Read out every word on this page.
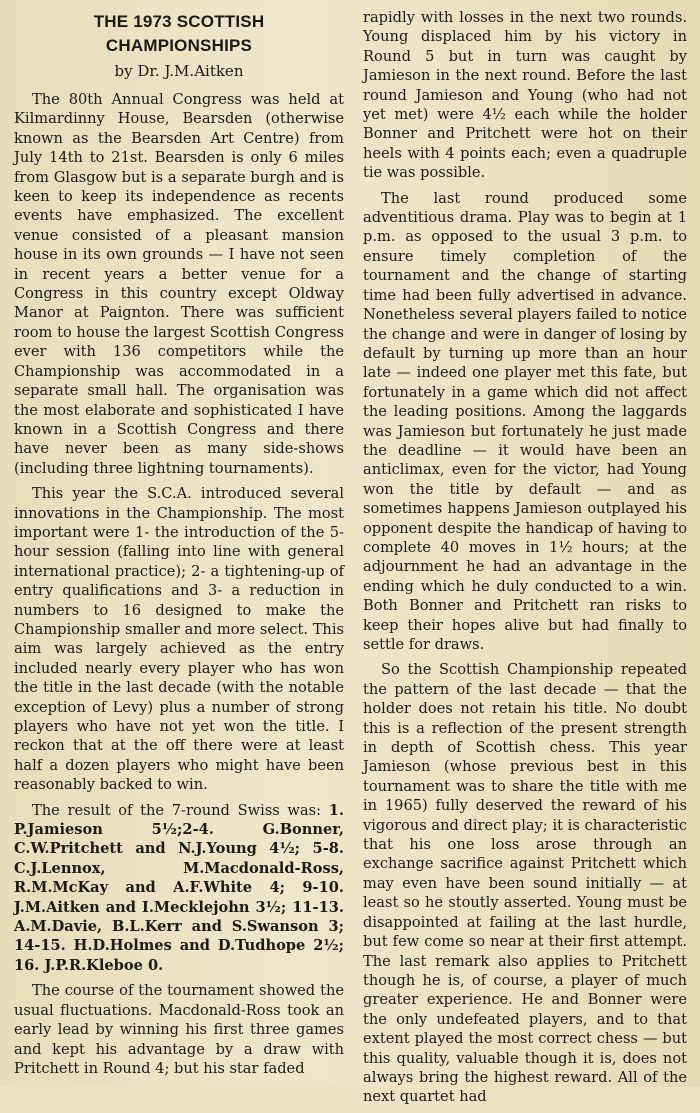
THE 1973 SCOTTISH
CHAMPIONSHIPS
by Dr. J.M.Aitken

The 80th Annual Congress was held at Kilmardinny House, Bearsden (otherwise known as the Bearsden Art Centre) from July 14th to 21st. Bearsden is only 6 miles from Glasgow but is a separate burgh and is keen to keep its independence as recents events have emphasized. The excellent venue consisted of a pleasant mansion house in its own grounds — I have not seen in recent years a better venue for a Congress in this country except Oldway Manor at Paignton. There was sufficient room to house the largest Scottish Congress ever with 136 competitors while the Championship was accommodated in a separate small hall. The organisation was the most elaborate and sophisticated I have known in a Scottish Congress and there have never been as many side-shows (including three lightning tournaments).

This year the S.C.A. introduced several innovations in the Championship. The most important were 1- the introduction of the 5-hour session (falling into line with general international practice); 2- a tightening-up of entry qualifications and 3- a reduction in numbers to 16 designed to make the Championship smaller and more select. This aim was largely achieved as the entry included nearly every player who has won the title in the last decade (with the notable exception of Levy) plus a number of strong players who have not yet won the title. I reckon that at the off there were at least half a dozen players who might have been reasonably backed to win.

The result of the 7-round Swiss was: 1. P.Jamieson 5½;2-4. G.Bonner, C.W.Pritchett and N.J.Young 4½; 5-8. C.J.Lennox, M.Macdonald-Ross, R.M.McKay and A.F.White 4; 9-10. J.M.Aitken and I.Mecklejohn 3½; 11-13. A.M.Davie, B.L.Kerr and S.Swanson 3; 14-15. H.D.Holmes and D.Tudhope 2½; 16. J.P.R.Kleboe 0.

The course of the tournament showed the usual fluctuations. Macdonald-Ross took an early lead by winning his first three games and kept his advantage by a draw with Pritchett in Round 4; but his star faded

rapidly with losses in the next two rounds. Young displaced him by his victory in Round 5 but in turn was caught by Jamieson in the next round. Before the last round Jamieson and Young (who had not yet met) were 4½ each while the holder Bonner and Pritchett were hot on their heels with 4 points each; even a quadruple tie was possible.

The last round produced some adventitious drama. Play was to begin at 1 p.m. as opposed to the usual 3 p.m. to ensure timely completion of the tournament and the change of starting time had been fully advertised in advance. Nonetheless several players failed to notice the change and were in danger of losing by default by turning up more than an hour late — indeed one player met this fate, but fortunately in a game which did not affect the leading positions. Among the laggards was Jamieson but fortunately he just made the deadline — it would have been an anticlimax, even for the victor, had Young won the title by default — and as sometimes happens Jamieson outplayed his opponent despite the handicap of having to complete 40 moves in 1½ hours; at the adjournment he had an advantage in the ending which he duly conducted to a win. Both Bonner and Pritchett ran risks to keep their hopes alive but had finally to settle for draws.

So the Scottish Championship repeated the pattern of the last decade — that the holder does not retain his title. No doubt this is a reflection of the present strength in depth of Scottish chess. This year Jamieson (whose previous best in this tournament was to share the title with me in 1965) fully deserved the reward of his vigorous and direct play; it is characteristic that his one loss arose through an exchange sacrifice against Pritchett which may even have been sound initially — at least so he stoutly asserted. Young must be disappointed at failing at the last hurdle, but few come so near at their first attempt. The last remark also applies to Pritchett though he is, of course, a player of much greater experience. He and Bonner were the only undefeated players, and to that extent played the most correct chess — but this quality, valuable though it is, does not always bring the highest reward. All of the next quartet had
